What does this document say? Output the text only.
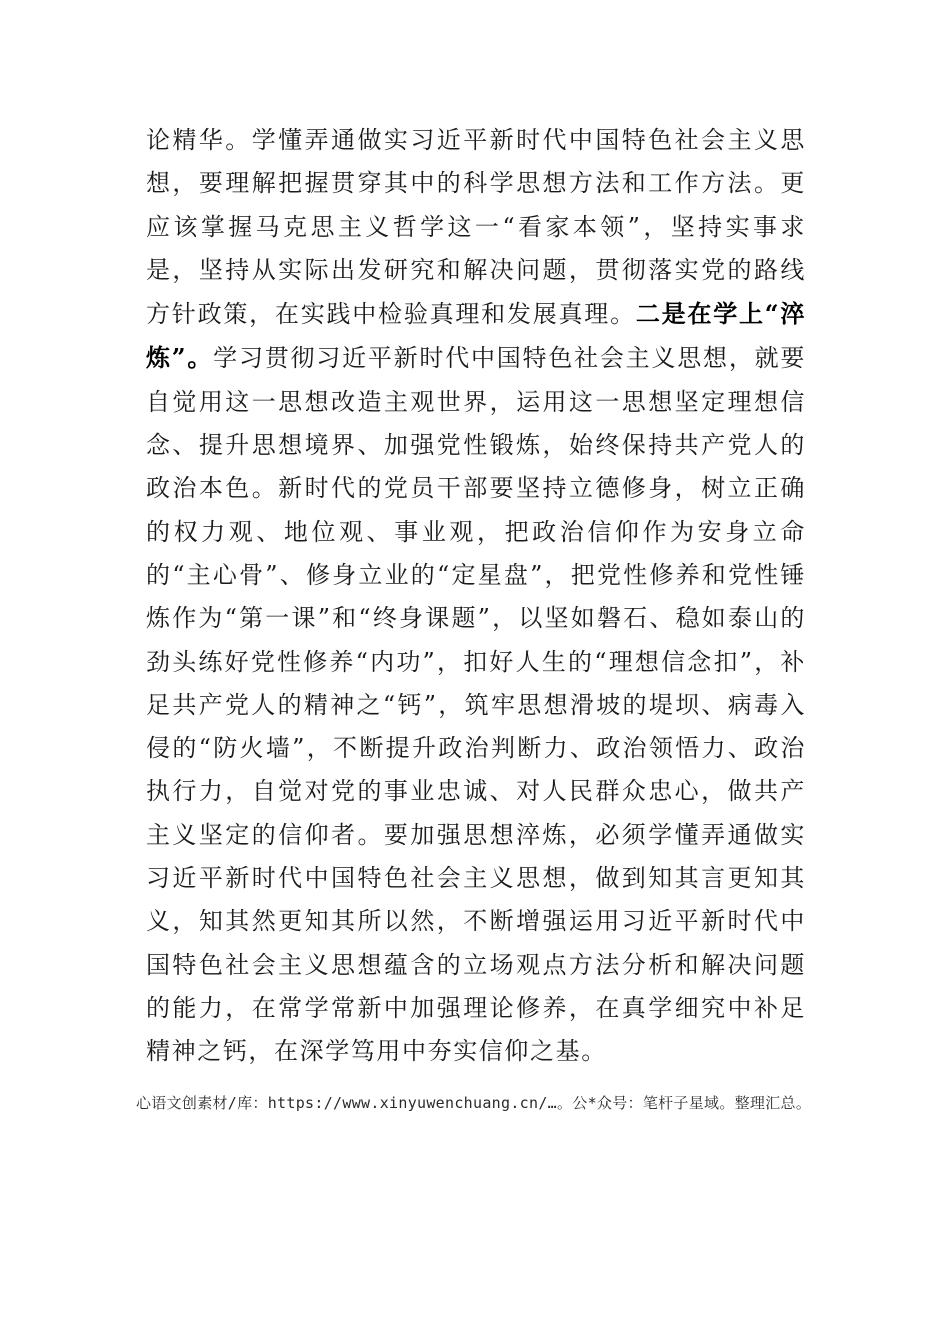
论精华。学懂弄通做实习近平新时代中国特色社会主义思想，要理解把握贯穿其中的科学思想方法和工作方法。更应该掌握马克思主义哲学这一“看家本领”，坚持实事求是，坚持从实际出发研究和解决问题，贯彻落实党的路线方针政策，在实践中检验真理和发展真理。二是在学上“淬炼”。学习贯彻习近平新时代中国特色社会主义思想，就要自觉用这一思想改造主观世界，运用这一思想坚定理想信念、提升思想境界、加强党性锻炼，始终保持共产党人的政治本色。新时代的党员干部要坚持立德修身，树立正确的权力观、地位观、事业观，把政治信仰作为安身立命的“主心骨”、修身立业的“定星盘”，把党性修养和党性锤炼作为“第一课”和“终身课题”，以坚如磐石、稳如泰山的劲头练好党性修养“内功”，扣好人生的“理想信念扣”，补足共产党人的精神之“钙”，筑牢思想滑坡的堤坝、病毒入侵的“防火墙”，不断提升政治判断力、政治领悟力、政治执行力，自觉对党的事业忠诚、对人民群众忠心，做共产主义坚定的信仰者。要加强思想淬炼，必须学懂弄通做实习近平新时代中国特色社会主义思想，做到知其言更知其义，知其然更知其所以然，不断增强运用习近平新时代中国特色社会主义思想蕴含的立场观点方法分析和解决问题的能力，在常学常新中加强理论修养，在真学细究中补足精神之钙，在深学笃用中夯实信仰之基。

心语文创素材/库：https://www.xinyuwenchuang.cn/…。公*众号：笔杆子星域。整理汇总。
